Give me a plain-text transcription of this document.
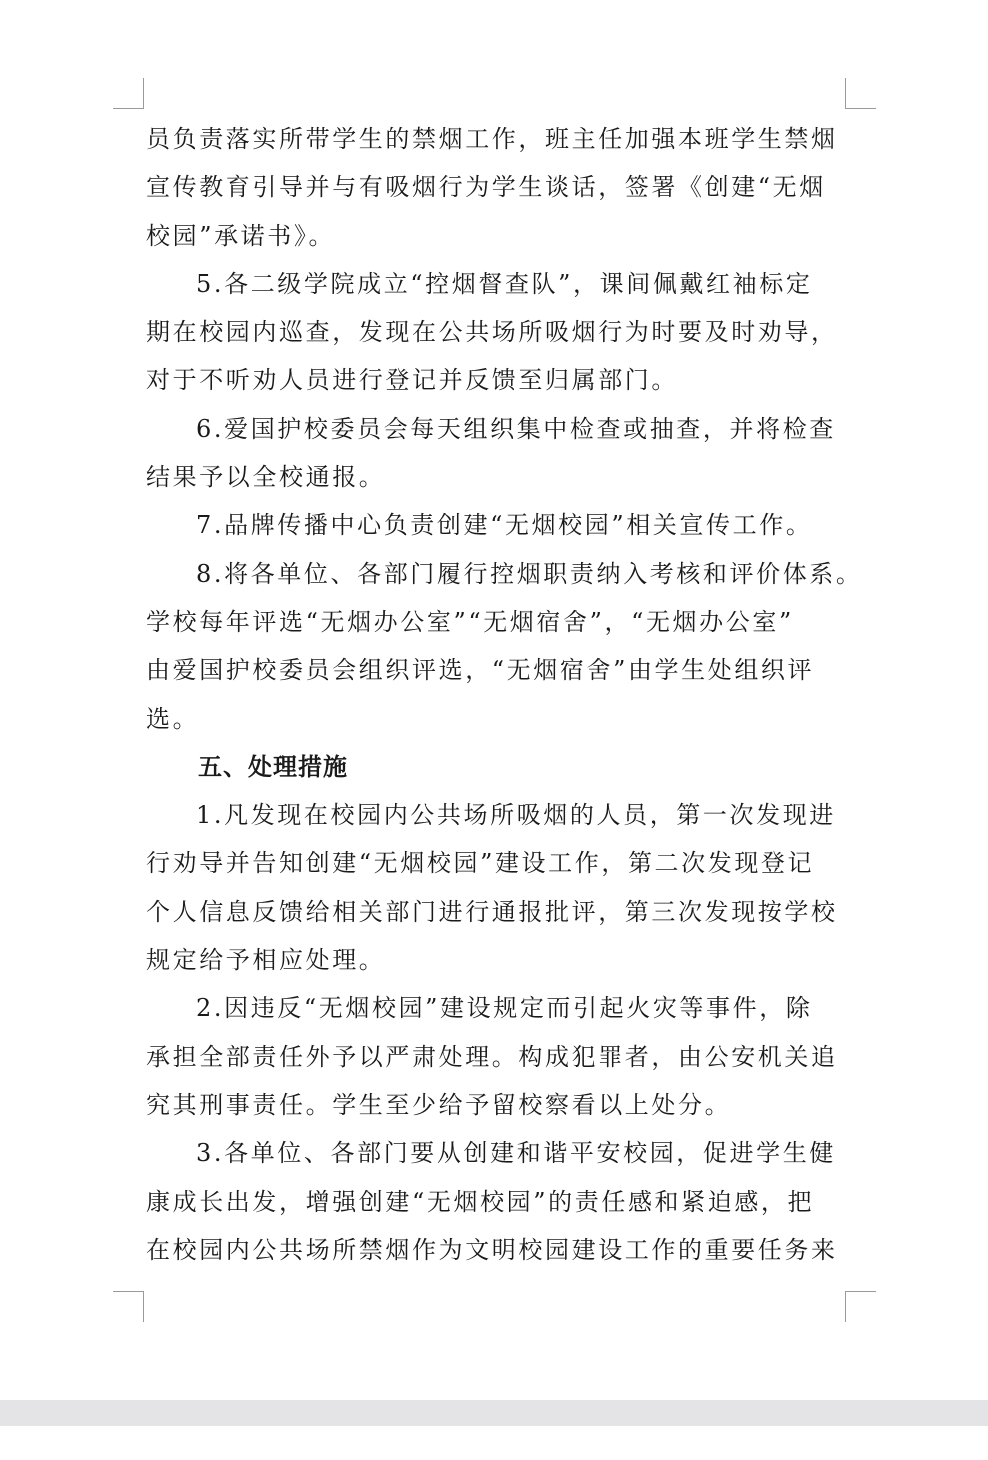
员负责落实所带学生的禁烟工作，班主任加强本班学生禁烟
宣传教育引导并与有吸烟行为学生谈话，签署《创建“无烟
校园”承诺书》。
5.各二级学院成立“控烟督查队”，课间佩戴红袖标定
期在校园内巡查，发现在公共场所吸烟行为时要及时劝导，
对于不听劝人员进行登记并反馈至归属部门。
6.爱国护校委员会每天组织集中检查或抽查，并将检查
结果予以全校通报。
7.品牌传播中心负责创建“无烟校园”相关宣传工作。
8.将各单位、各部门履行控烟职责纳入考核和评价体系。
学校每年评选“无烟办公室”“无烟宿舍”，“无烟办公室”
由爱国护校委员会组织评选，“无烟宿舍”由学生处组织评
选。
五、处理措施
1.凡发现在校园内公共场所吸烟的人员，第一次发现进
行劝导并告知创建“无烟校园”建设工作，第二次发现登记
个人信息反馈给相关部门进行通报批评，第三次发现按学校
规定给予相应处理。
2.因违反“无烟校园”建设规定而引起火灾等事件，除
承担全部责任外予以严肃处理。构成犯罪者，由公安机关追
究其刑事责任。学生至少给予留校察看以上处分。
3.各单位、各部门要从创建和谐平安校园，促进学生健
康成长出发，增强创建“无烟校园”的责任感和紧迫感，把
在校园内公共场所禁烟作为文明校园建设工作的重要任务来
